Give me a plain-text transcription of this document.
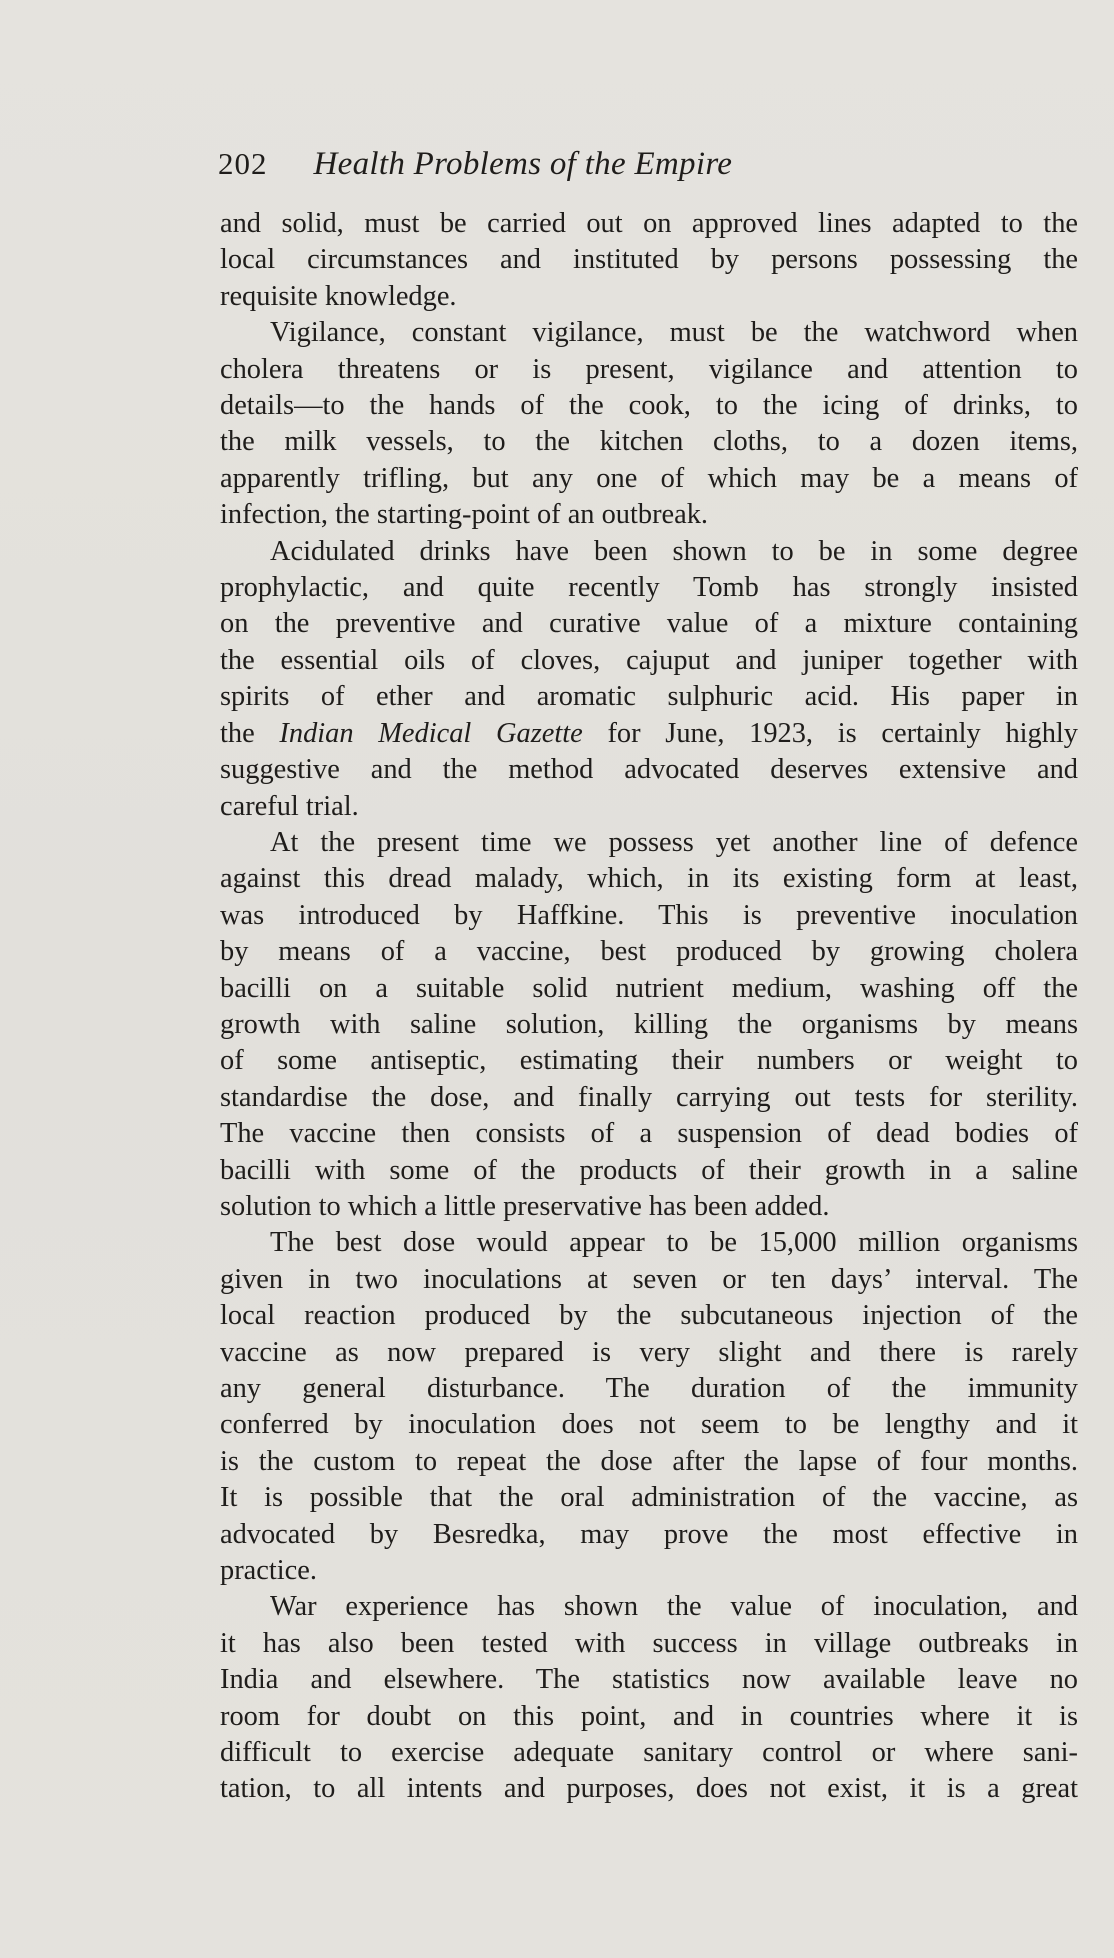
202 Health Problems of the Empire
and solid, must be carried out on approved lines adapted to the
local circumstances and instituted by persons possessing the
requisite knowledge.
Vigilance, constant vigilance, must be the watchword when
cholera threatens or is present, vigilance and attention to
details—to the hands of the cook, to the icing of drinks, to
the milk vessels, to the kitchen cloths, to a dozen items,
apparently trifling, but any one of which may be a means of
infection, the starting-point of an outbreak.
Acidulated drinks have been shown to be in some degree
prophylactic, and quite recently Tomb has strongly insisted
on the preventive and curative value of a mixture containing
the essential oils of cloves, cajuput and juniper together with
spirits of ether and aromatic sulphuric acid. His paper in
the Indian Medical Gazette for June, 1923, is certainly highly
suggestive and the method advocated deserves extensive and
careful trial.
At the present time we possess yet another line of defence
against this dread malady, which, in its existing form at least,
was introduced by Haffkine. This is preventive inoculation
by means of a vaccine, best produced by growing cholera
bacilli on a suitable solid nutrient medium, washing off the
growth with saline solution, killing the organisms by means
of some antiseptic, estimating their numbers or weight to
standardise the dose, and finally carrying out tests for sterility.
The vaccine then consists of a suspension of dead bodies of
bacilli with some of the products of their growth in a saline
solution to which a little preservative has been added.
The best dose would appear to be 15,000 million organisms
given in two inoculations at seven or ten days’ interval. The
local reaction produced by the subcutaneous injection of the
vaccine as now prepared is very slight and there is rarely
any general disturbance. The duration of the immunity
conferred by inoculation does not seem to be lengthy and it
is the custom to repeat the dose after the lapse of four months.
It is possible that the oral administration of the vaccine, as
advocated by Besredka, may prove the most effective in
practice.
War experience has shown the value of inoculation, and
it has also been tested with success in village outbreaks in
India and elsewhere. The statistics now available leave no
room for doubt on this point, and in countries where it is
difficult to exercise adequate sanitary control or where sani-
tation, to all intents and purposes, does not exist, it is a great
